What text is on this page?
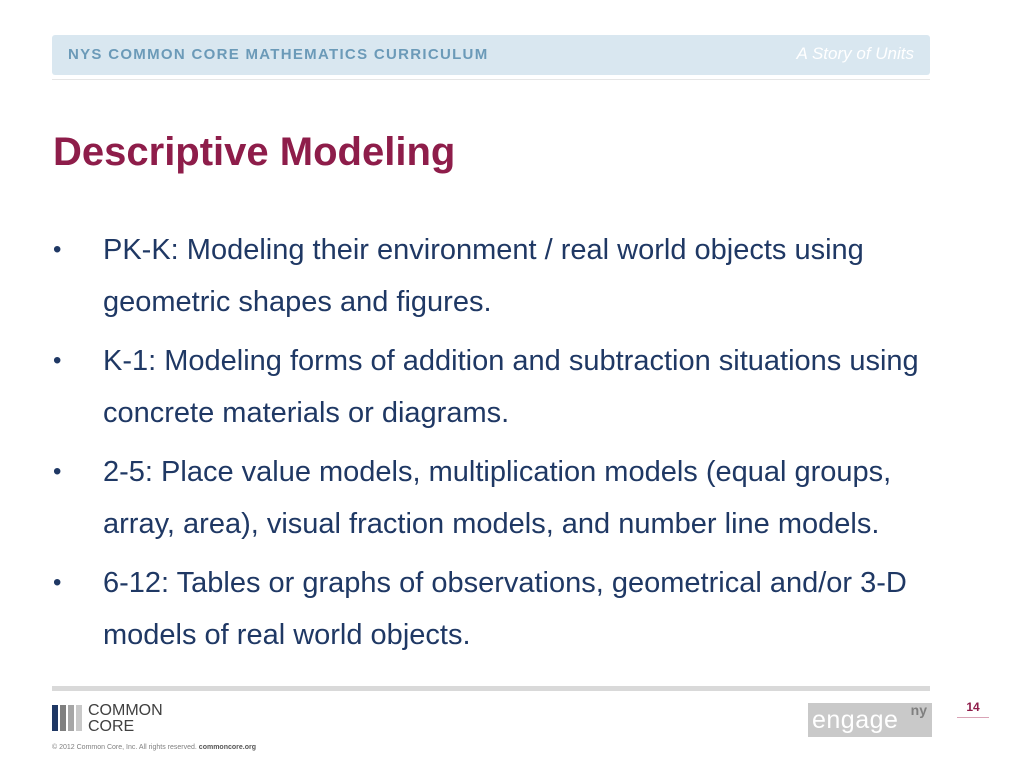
NYS COMMON CORE MATHEMATICS CURRICULUM	A Story of Units
Descriptive Modeling
• PK-K: Modeling their environment / real world objects using geometric shapes and figures.
• K-1: Modeling forms of addition and subtraction situations using concrete materials or diagrams.
• 2-5: Place value models, multiplication models (equal groups, array, area), visual fraction models, and number line models.
• 6-12: Tables or graphs of observations, geometrical and/or 3-D models of real world objects.
COMMON
CORE
© 2012 Common Core, Inc. All rights reserved. commoncore.org
engage ny	14
